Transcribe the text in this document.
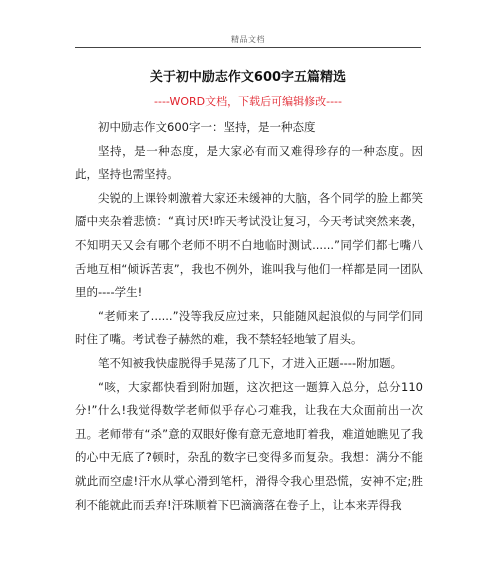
精品文档
关于初中励志作文600字五篇精选
----WORD文档，下载后可编辑修改----

初中励志作文600字一：坚持，是一种态度

坚持，是一种态度，是大家必有而又难得珍存的一种态度。因此，坚持也需坚持。

尖锐的上课铃刺激着大家还未缓神的大脑，各个同学的脸上都笑靥中夹杂着悲愤：“真讨厌!昨天考试没让复习，今天考试突然来袭，不知明天又会有哪个老师不明不白地临时测试......”同学们都七嘴八舌地互相“倾诉苦衷”，我也不例外，谁叫我与他们一样都是同一团队里的----学生!

“老师来了......”没等我反应过来，只能随风起浪似的与同学们同时住了嘴。考试卷子赫然的难，我不禁轻轻地皱了眉头。

笔不知被我快虚脱得手晃荡了几下，才进入正题----附加题。

“咳，大家都快看到附加题，这次把这一题算入总分，总分110分!”什么!我觉得数学老师似乎存心刁难我，让我在大众面前出一次丑。老师带有“杀”意的双眼好像有意无意地盯着我，难道她瞧见了我的心中无底了?顿时，杂乱的数字已变得多而复杂。我想：满分不能就此而空虚!汗水从掌心滑到笔杆，滑得令我心里恐慌，安神不定;胜利不能就此而丢弃!汗珠顺着下巴滴滴落在卷子上，让本来弄得我
